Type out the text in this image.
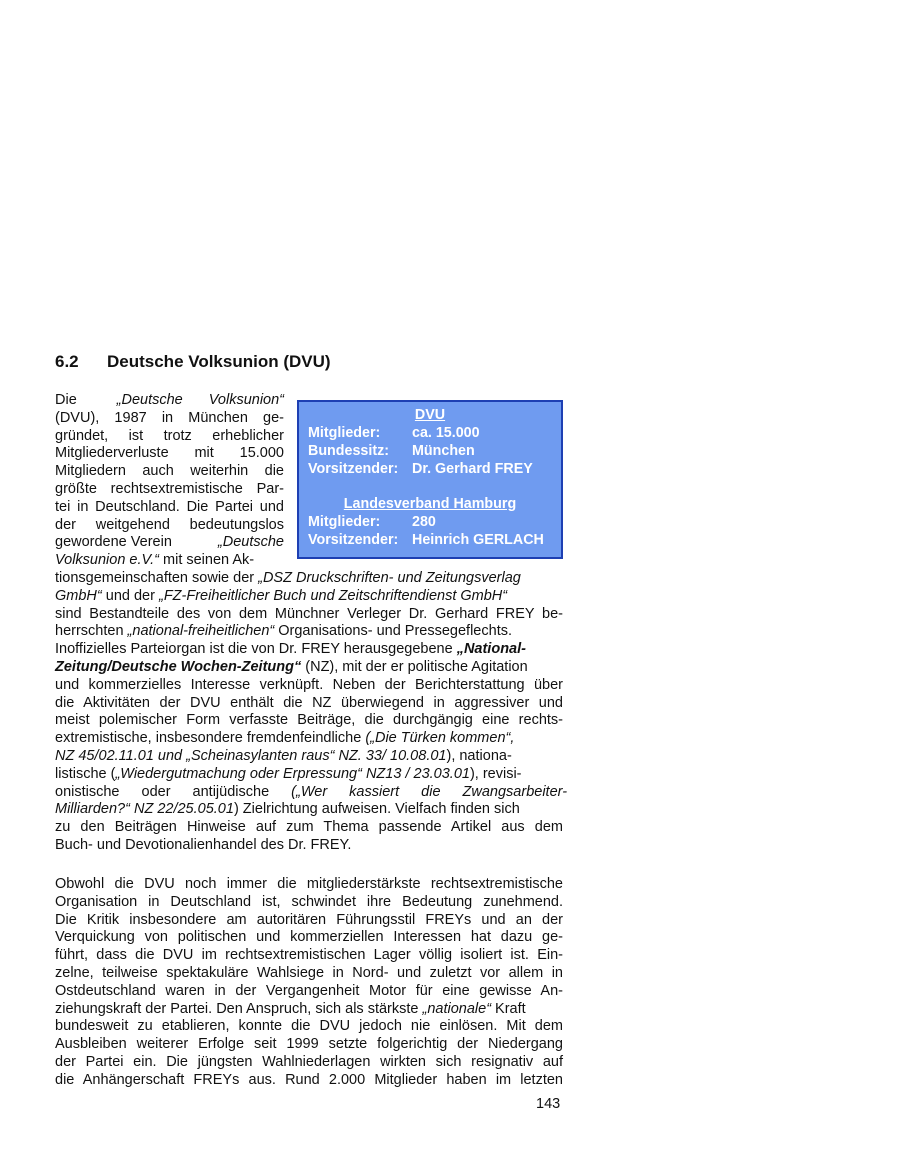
6.2 Deutsche Volksunion (DVU)
DVU
Mitglieder: ca. 15.000
Bundessitz: München
Vorsitzender: Dr. Gerhard FREY
Landesverband Hamburg
Mitglieder: 280
Vorsitzender: Heinrich GERLACH
Die	„Deutsche Volksunion“
(DVU), 1987 in München ge-
gründet, ist trotz erheblicher
Mitgliederverluste mit 15.000
Mitgliedern auch weiterhin die
größte rechtsextremistische Par-
tei in Deutschland. Die Partei und
der weitgehend bedeutungslos
gewordene Verein	„Deutsche
Volksunion e.V.“ mit seinen Ak-
tionsgemeinschaften sowie der „DSZ Druckschriften- und Zeitungsverlag
GmbH“ und der „FZ-Freiheitlicher Buch und Zeitschriftendienst GmbH“
sind Bestandteile des von dem Münchner Verleger Dr. Gerhard FREY be-
herrschten „national-freiheitlichen“ Organisations- und Pressegeflechts.
Inoffizielles Parteiorgan ist die von Dr. FREY herausgegebene „National-
Zeitung/Deutsche Wochen-Zeitung“ (NZ), mit der er politische Agitation
und kommerzielles Interesse verknüpft. Neben der Berichterstattung über
die Aktivitäten der DVU enthält die NZ überwiegend in aggressiver und
meist polemischer Form verfasste Beiträge, die durchgängig eine rechts-
extremistische, insbesondere fremdenfeindliche („Die Türken kommen“,
NZ 45/02.11.01 und „Scheinasylanten raus“ NZ. 33/ 10.08.01), nationa-
listische („Wiedergutmachung oder Erpressung“ NZ13 / 23.03.01), revisi-
onistische oder antijüdische („Wer kassiert die Zwangsarbeiter-
Milliarden?“ NZ 22/25.05.01) Zielrichtung aufweisen. Vielfach finden sich
zu den Beiträgen Hinweise auf zum Thema passende Artikel aus dem
Buch- und Devotionalienhandel des Dr. FREY.
Obwohl die DVU noch immer die mitgliederstärkste rechtsextremistische
Organisation in Deutschland ist, schwindet ihre Bedeutung zunehmend.
Die Kritik insbesondere am autoritären Führungsstil FREYs und an der
Verquickung von politischen und kommerziellen Interessen hat dazu ge-
führt, dass die DVU im rechtsextremistischen Lager völlig isoliert ist. Ein-
zelne, teilweise spektakuläre Wahlsiege in Nord- und zuletzt vor allem in
Ostdeutschland waren in der Vergangenheit Motor für eine gewisse An-
ziehungskraft der Partei. Den Anspruch, sich als stärkste „nationale“ Kraft
bundesweit zu etablieren, konnte die DVU jedoch nie einlösen. Mit dem
Ausbleiben weiterer Erfolge seit 1999 setzte folgerichtig der Niedergang
der Partei ein. Die jüngsten Wahlniederlagen wirkten sich resignativ auf
die Anhängerschaft FREYs aus. Rund 2.000 Mitglieder haben im letzten
143
